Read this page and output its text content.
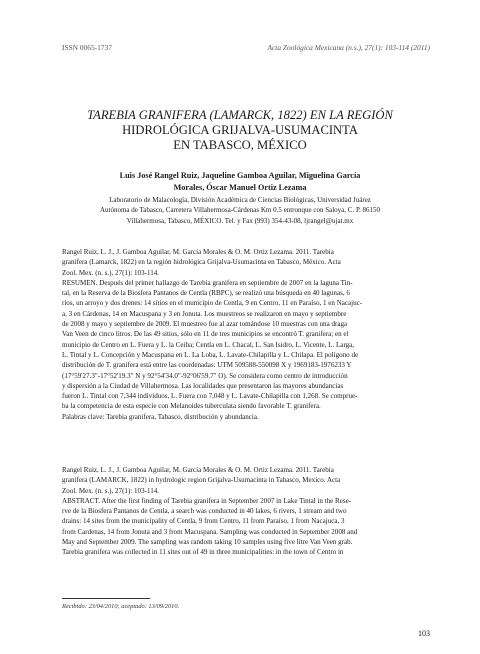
ISSN 0065-1737	Acta Zoológica Mexicana (n.s.), 27(1): 103-114 (2011)
TAREBIA GRANIFERA (LAMARCK, 1822) EN LA REGIÓN
HIDROLÓGICA GRIJALVA-USUMACINTA
EN TABASCO, MÉXICO
Luis José Rangel Ruiz, Jaqueline Gamboa Aguilar, Miguelina García
Morales, Óscar Manuel Ortiz Lezama
Laboratorio de Malacología, División Académica de Ciencias Biológicas, Universidad Juárez
Autónoma de Tabasco, Carretera Villahermosa-Cárdenas Km 0.5 entronque con Saloya, C. P. 86150
Villahermosa, Tabasco, MÉXICO. Tel. y Fax (993) 354-43-08, ljrangel@ujat.mx
Rangel Ruiz, L. J., J. Gamboa Aguilar, M. García Morales & O. M. Ortiz Lezama. 2011. Tarebia
granifera (Lamarck, 1822) en la región hidrológica Grijalva-Usumacinta en Tabasco, México. Acta
Zool. Mex. (n. s.), 27(1): 103-114.
RESUMEN. Después del primer hallazgo de Tarebia granifera en septiembre de 2007 en la laguna Tin-
tal, en la Reserva de la Biosfera Pantanos de Centla (RBPC), se realizó una búsqueda en 40 lagunas, 6
ríos, un arroyo y dos drenes: 14 sitios en el municipio de Centla, 9 en Centro, 11 en Paraíso, 1 en Nacajuc-
a, 3 en Cárdenas, 14 en Macuspana y 3 en Jonuta. Los muestreos se realizaron en mayo y septiembre
de 2008 y mayo y septiembre de 2009. El muestreo fue al azar tomándose 10 muestras con una draga
Van Veen de cinco litros. De las 49 sitios, sólo en 11 de tres municipios se encontró T. granifera; en el
municipio de Centro en L. Fuera y L. la Ceiba; Centla en L. Chacal, L. San Isidro, L. Vicente, L. Larga,
L. Tintal y L. Concepción y Macuspana en L. La Loba, L. Lavate-Chilapilla y L. Chilapa. El polígono de
distribución de T. granifera está entre las coordenadas: UTM 509588-550098 X y 1969183-1976233 Y
(17°59'27.3"-17°52'19.3" N y 92°54'34.0"-92°06'59.7" O). Se considera como centro de introducción
y dispersión a la Ciudad de Villahermosa. Las localidades que presentaron las mayores abundancias
fueron L. Tintal con 7,344 individuos, L. Fuera con 7,048 y L. Lavate-Chilapilla con 1,268. Se comprue-
ba la competencia de esta especie con Melanoides tuberculata siendo favorable T. granifera.
Palabras clave: Tarebia granifera, Tabasco, distribución y abundancia.
Rangel Ruiz, L. J., J. Gamboa Aguilar, M. García Morales & O. M. Ortiz Lezama. 2011. Tarebia
granifera (LAMARCK, 1822) in hydrologic region Grijalva-Usumacinta in Tabasco, Mexico. Acta
Zool. Mex. (n. s.), 27(1): 103-114.
ABSTRACT. After the first finding of Tarebia granifera in September 2007 in Lake Tintal in the Rese-
rve de la Biosfera Pantanos de Centla, a search was conducted in 40 lakes, 6 rivers, 1 stream and two
drains: 14 sites from the municipality of Centla, 9 from Centro, 11 from Paraíso, 1 from Nacajuca, 3
from Cardenas, 14 from Jonuta and 3 from Macuspana. Sampling was conducted in September 2008 and
May and September 2009. The sampling was random taking 10 samples using five litre Van Veen grab.
Tarebia granifera was collected in 11 sites out of 49 in three municipalities: in the town of Centro in
Recibido: 23/04/2010; aceptado: 13/09/2010.
103
